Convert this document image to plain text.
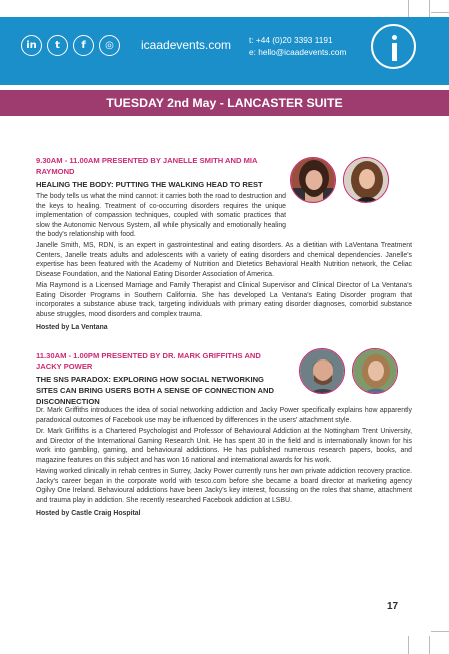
in	t	f	◎	icaadevents.com t: +44 (0)20 3393 1191
e: hello@icaadevents.com
TUESDAY 2nd May - LANCASTER SUITE
9.30AM - 11.00AM PRESENTED BY JANELLE SMITH AND MIA RAYMOND
HEALING THE BODY: PUTTING THE WALKING HEAD TO REST
The body tells us what the mind cannot: it carries both the road to destruction and the keys to healing. Treatment of co-occurring disorders requires the unique implementation of compassion techniques, coupled with somatic practices that slow the Autonomic Nervous System, all while physically and emotionally healing the body's relationship with food.
Janelle Smith, MS, RDN, is an expert in gastrointestinal and eating disorders. As a dietitian with LaVentana Treatment Centers, Janelle treats adults and adolescents with a variety of eating disorders and chemical dependencies. Janelle's expertise has been featured with the Academy of Nutrition and Dietetics Behavioral Health Nutrition network, the Celiac Disease Foundation, and the National Eating Disorder Association of America.
Mia Raymond is a Licensed Marriage and Family Therapist and Clinical Supervisor and Clinical Director of La Ventana's Eating Disorder Programs in Southern California. She has developed La Ventana's Eating Disorder program that incorporates a substance abuse track, targeting individuals with primary eating disorder diagnoses, comorbid substance abuse struggles, mood disorders and complex trauma.
Hosted by La Ventana
11.30AM - 1.00PM PRESENTED BY DR. MARK GRIFFITHS AND JACKY POWER
THE SNS PARADOX: EXPLORING HOW SOCIAL NETWORKING SITES CAN BRING USERS BOTH A SENSE OF CONNECTION AND DISCONNECTION
Dr. Mark Griffiths introduces the idea of social networking addiction and Jacky Power specifically explains how apparently paradoxical outcomes of Facebook use may be influenced by differences in the users' attachment style.
Dr. Mark Griffiths is a Chartered Psychologist and Professor of Behavioural Addiction at the Nottingham Trent University, and Director of the International Gaming Research Unit. He has spent 30 in the field and is internationally known for his work into gambling, gaming, and behavioural addictions. He has published numerous research papers, books, and magazine features on this subject and has won 16 national and international awards for his work.
Having worked clinically in rehab centres in Surrey, Jacky Power currently runs her own private addiction recovery practice. Jacky's career began in the corporate world with tesco.com before she became a board director at marketing agency Ogilvy One Ireland. Behavioural addictions have been Jacky's key interest, focussing on the roles that shame, attachment and trauma play in addiction. She recently researched Facebook addiction at LSBU.
Hosted by Castle Craig Hospital
17
